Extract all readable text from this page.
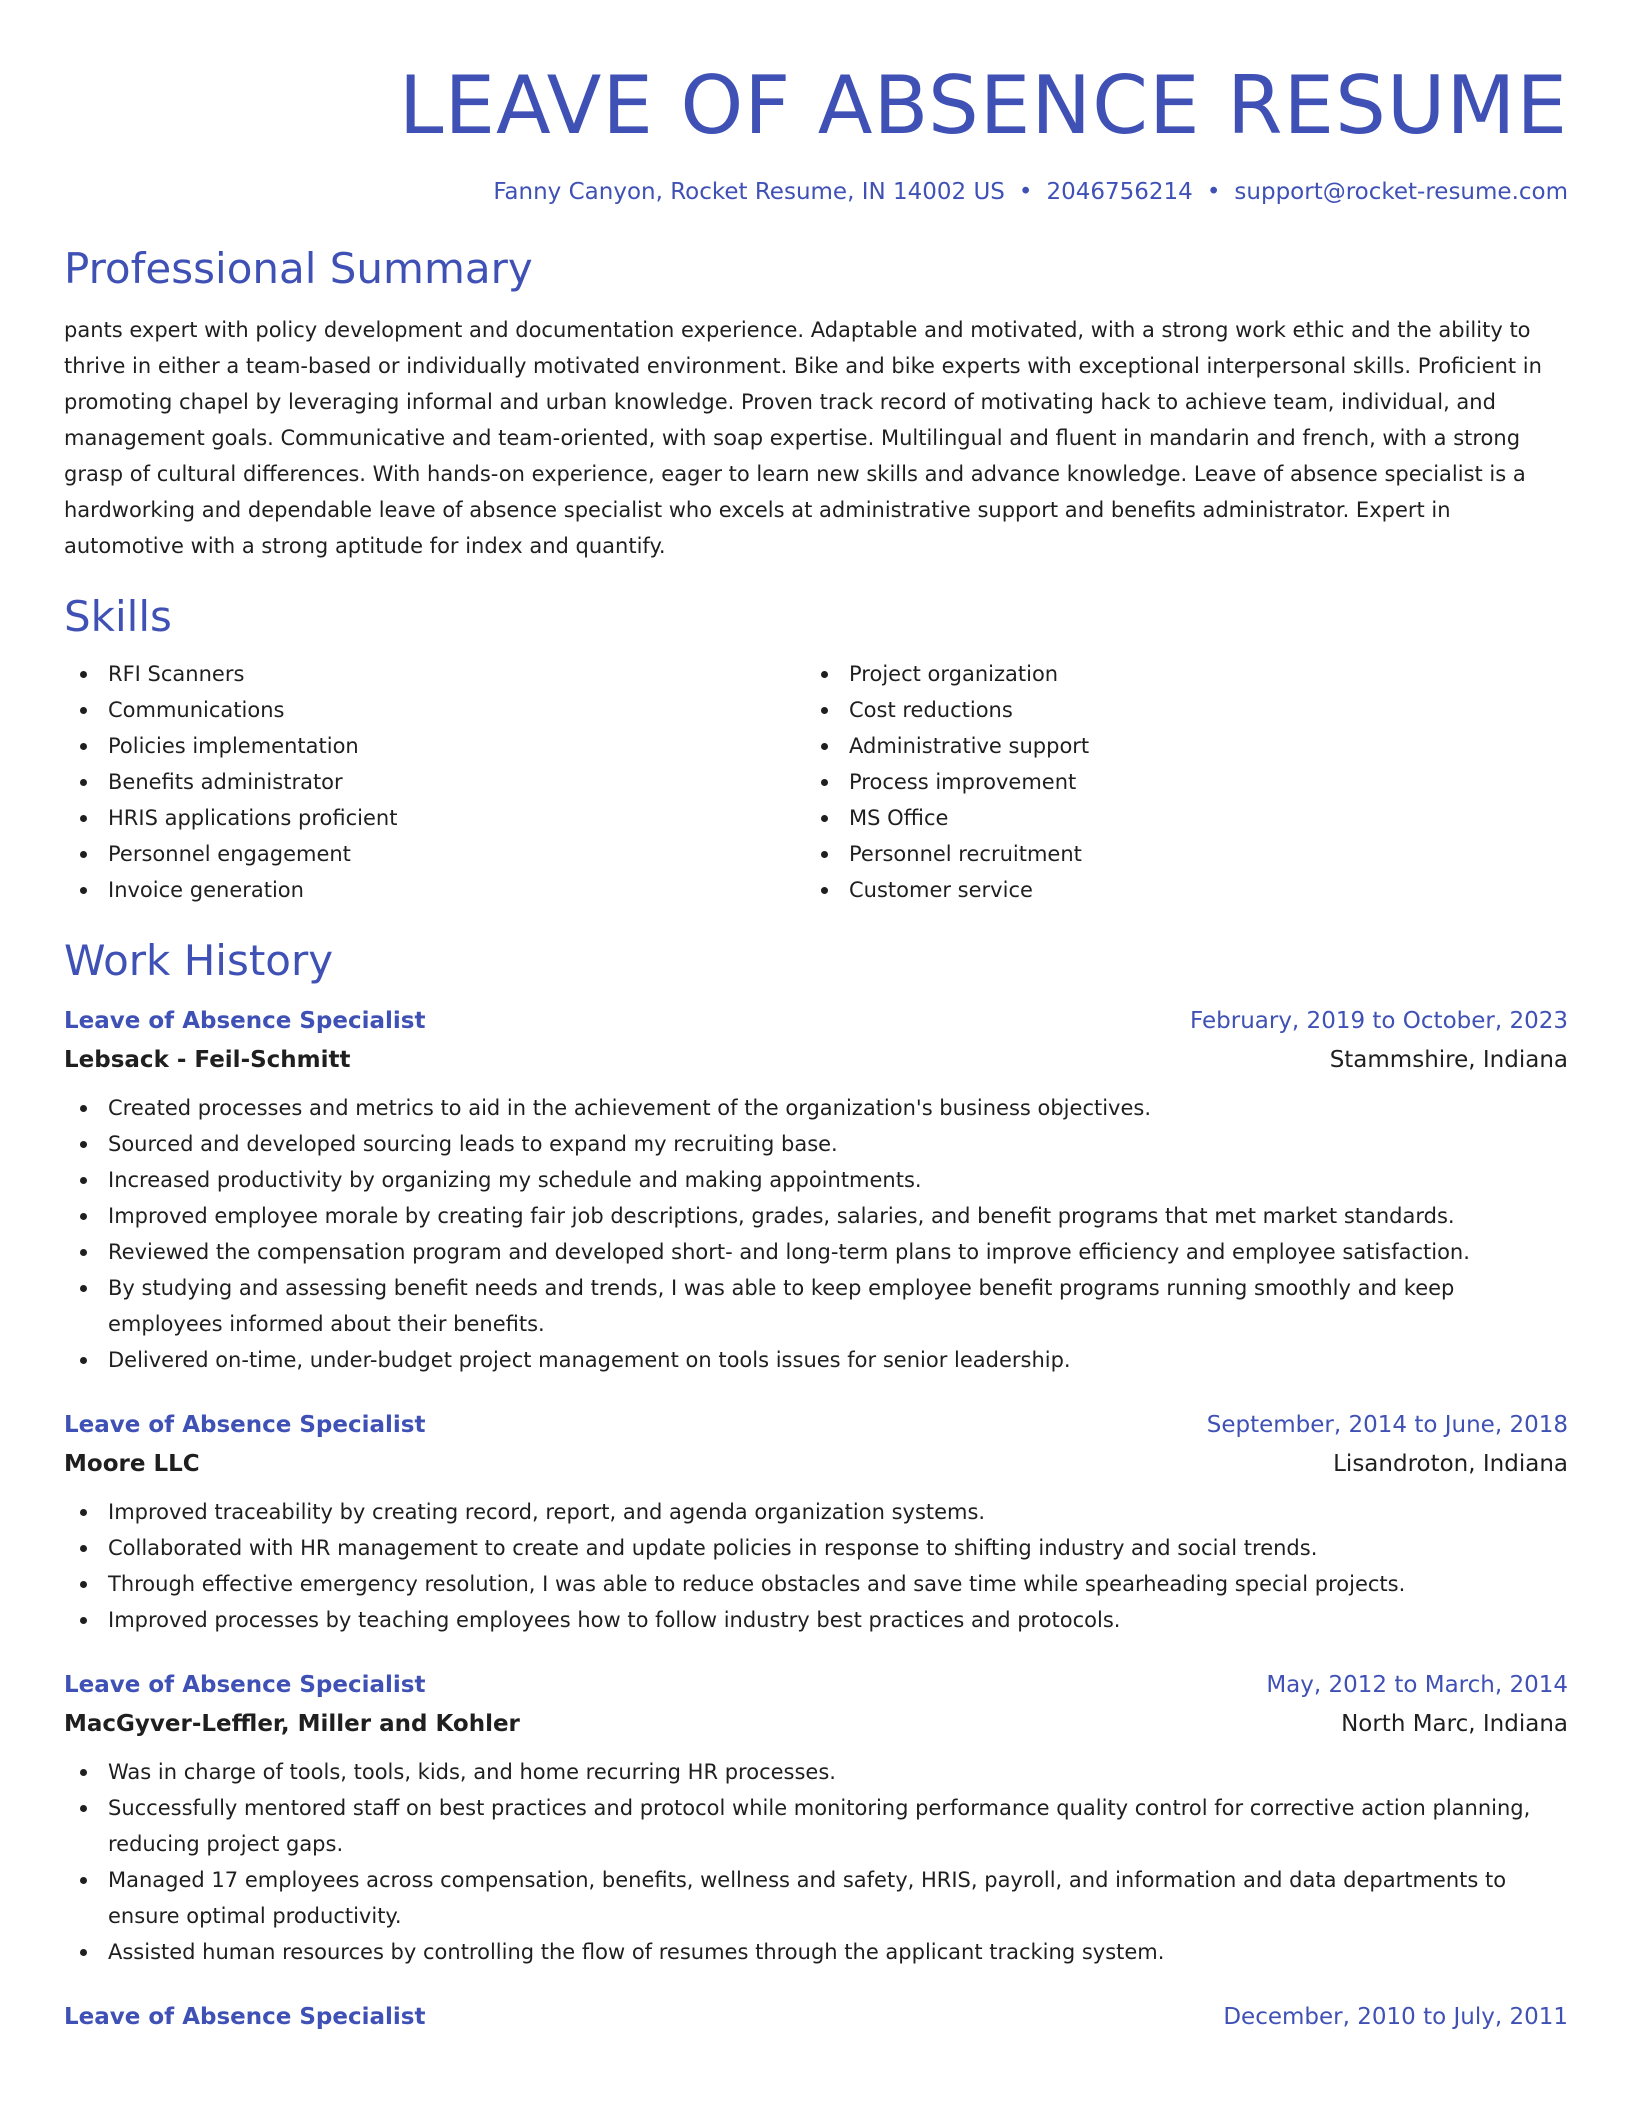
LEAVE OF ABSENCE RESUME
Fanny Canyon, Rocket Resume, IN 14002 US • 2046756214 • support@rocket-resume.com
Professional Summary

pants expert with policy development and documentation experience. Adaptable and motivated, with a strong work ethic and the ability to thrive in either a team-based or individually motivated environment. Bike and bike experts with exceptional interpersonal skills. Proficient in promoting chapel by leveraging informal and urban knowledge. Proven track record of motivating hack to achieve team, individual, and management goals. Communicative and team-oriented, with soap expertise. Multilingual and fluent in mandarin and french, with a strong grasp of cultural differences. With hands-on experience, eager to learn new skills and advance knowledge. Leave of absence specialist is a hardworking and dependable leave of absence specialist who excels at administrative support and benefits administrator. Expert in automotive with a strong aptitude for index and quantify.

Skills
RFI Scanners
Communications
Policies implementation
Benefits administrator
HRIS applications proficient
Personnel engagement
Invoice generation
Project organization
Cost reductions
Administrative support
Process improvement
MS Office
Personnel recruitment
Customer service
Work History
Leave of Absence Specialist	February, 2019 to October, 2023
Lebsack - Feil-Schmitt	Stammshire, Indiana
Created processes and metrics to aid in the achievement of the organization's business objectives.
Sourced and developed sourcing leads to expand my recruiting base.
Increased productivity by organizing my schedule and making appointments.
Improved employee morale by creating fair job descriptions, grades, salaries, and benefit programs that met market standards.
Reviewed the compensation program and developed short- and long-term plans to improve efficiency and employee satisfaction.
By studying and assessing benefit needs and trends, I was able to keep employee benefit programs running smoothly and keep employees informed about their benefits.
Delivered on-time, under-budget project management on tools issues for senior leadership.
Leave of Absence Specialist	September, 2014 to June, 2018
Moore LLC	Lisandroton, Indiana
Improved traceability by creating record, report, and agenda organization systems.
Collaborated with HR management to create and update policies in response to shifting industry and social trends.
Through effective emergency resolution, I was able to reduce obstacles and save time while spearheading special projects.
Improved processes by teaching employees how to follow industry best practices and protocols.
Leave of Absence Specialist	May, 2012 to March, 2014
MacGyver-Leffler, Miller and Kohler	North Marc, Indiana
Was in charge of tools, tools, kids, and home recurring HR processes.
Successfully mentored staff on best practices and protocol while monitoring performance quality control for corrective action planning, reducing project gaps.
Managed 17 employees across compensation, benefits, wellness and safety, HRIS, payroll, and information and data departments to ensure optimal productivity.
Assisted human resources by controlling the flow of resumes through the applicant tracking system.
Leave of Absence Specialist	December, 2010 to July, 2011
